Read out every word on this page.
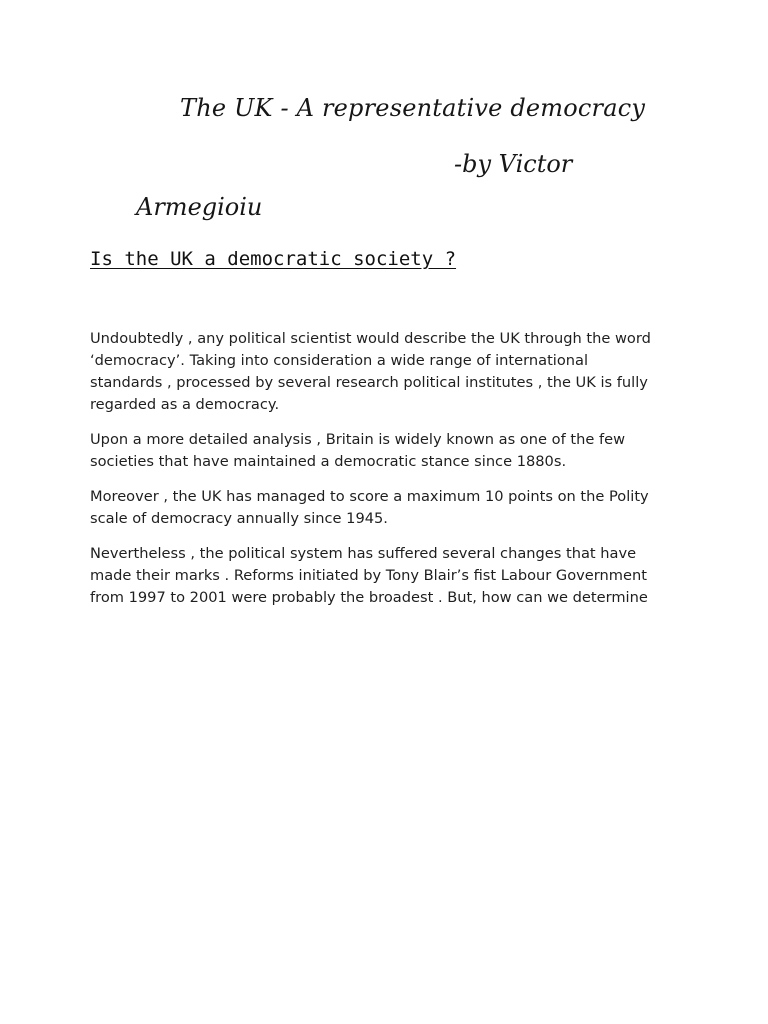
The UK - A representative democracy
-by Victor
Armegioiu
Is the UK a democratic society ?

Undoubtedly , any political scientist would describe the UK through the word
‘democracy’. Taking into consideration a wide range of international
standards , processed by several research political institutes , the UK is fully
regarded as a democracy.

Upon a more detailed analysis , Britain is widely known as one of the few
societies that have maintained a democratic stance since 1880s.

Moreover , the UK has managed to score a maximum 10 points on the Polity
scale of democracy annually since 1945.

Nevertheless , the political system has suffered several changes that have
made their marks . Reforms initiated by Tony Blair’s fist Labour Government
from 1997 to 2001 were probably the broadest . But, how can we determine
